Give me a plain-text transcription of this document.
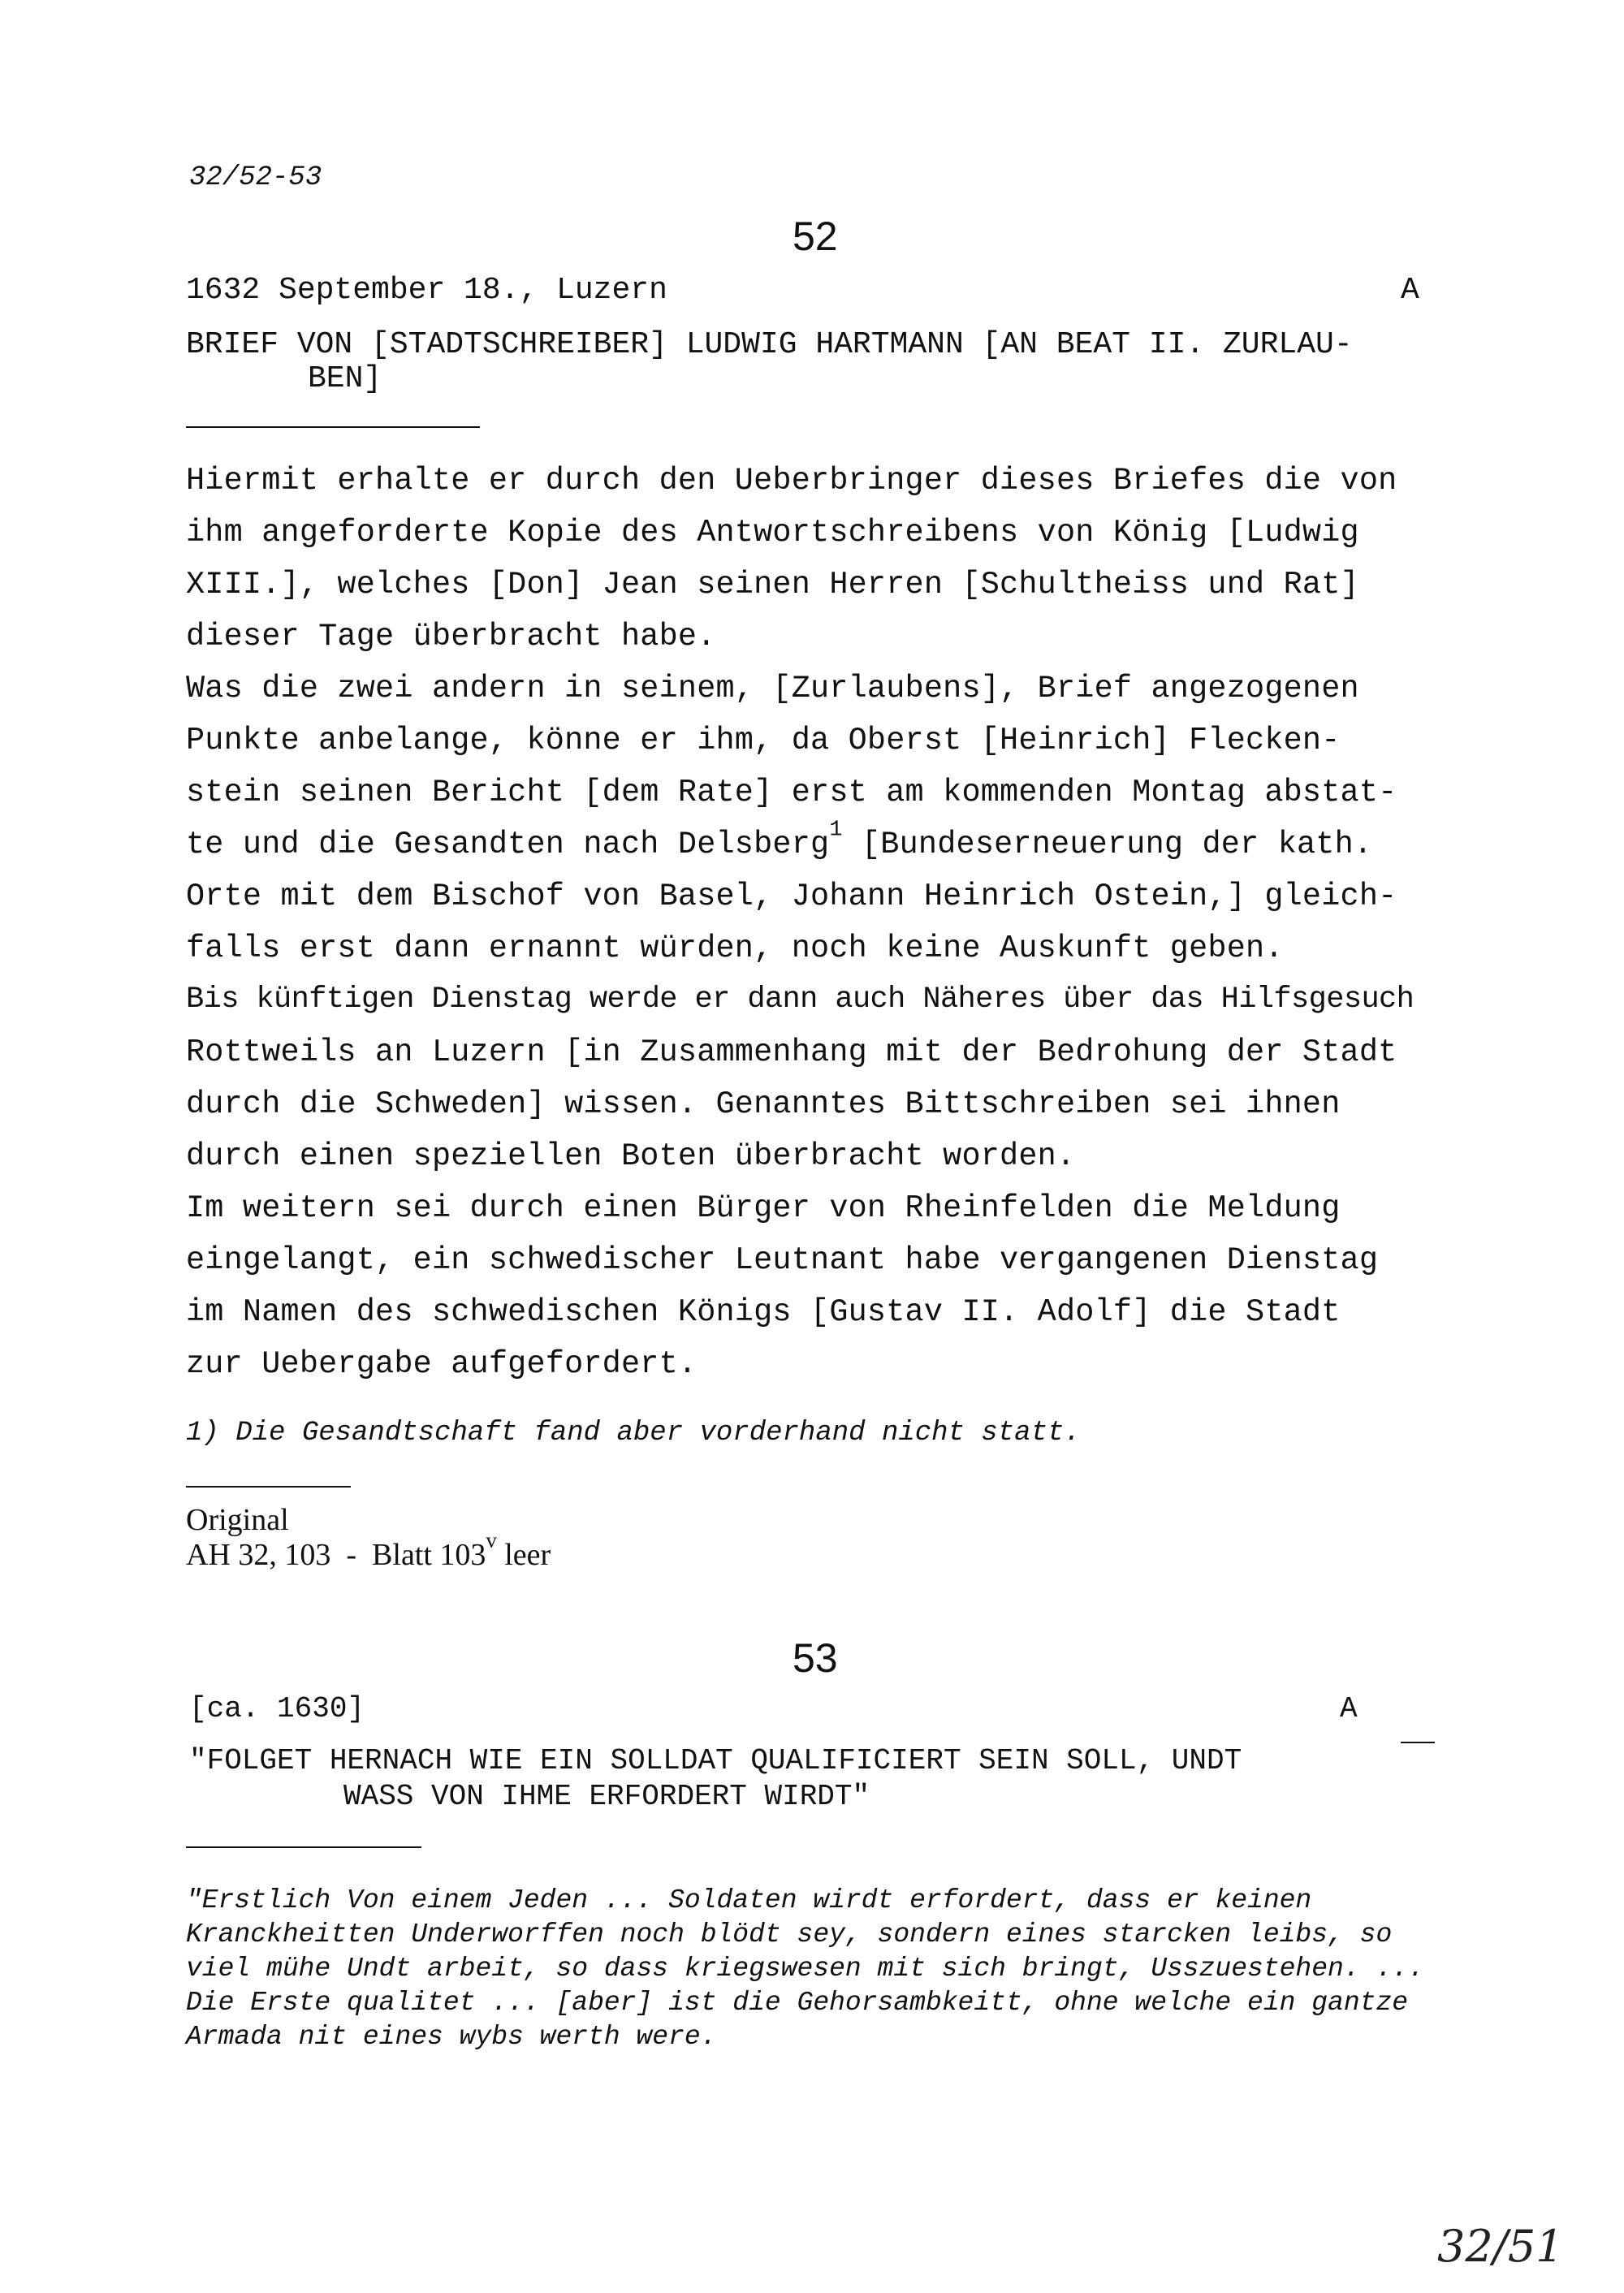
32/52-53
52
1632 September 18., Luzern	A
BRIEF VON [STADTSCHREIBER] LUDWIG HARTMANN [AN BEAT II. ZURLAU-
BEN]
Hiermit erhalte er durch den Ueberbringer dieses Briefes die von
ihm angeforderte Kopie des Antwortschreibens von König [Ludwig
XIII.], welches [Don] Jean seinen Herren [Schultheiss und Rat]
dieser Tage überbracht habe.
Was die zwei andern in seinem, [Zurlaubens], Brief angezogenen
Punkte anbelange, könne er ihm, da Oberst [Heinrich] Flecken-
stein seinen Bericht [dem Rate] erst am kommenden Montag abstat-
te und die Gesandten nach Delsberg$^1$ [Bundeserneuerung der kath.
Orte mit dem Bischof von Basel, Johann Heinrich Ostein,] gleich-
falls erst dann ernannt würden, noch keine Auskunft geben.
Bis künftigen Dienstag werde er dann auch Näheres über das Hilfsgesuch
Rottweils an Luzern [in Zusammenhang mit der Bedrohung der Stadt
durch die Schweden] wissen. Genanntes Bittschreiben sei ihnen
durch einen speziellen Boten überbracht worden.
Im weitern sei durch einen Bürger von Rheinfelden die Meldung
eingelangt, ein schwedischer Leutnant habe vergangenen Dienstag
im Namen des schwedischen Königs [Gustav II. Adolf] die Stadt
zur Uebergabe aufgefordert.
1) Die Gesandtschaft fand aber vorderhand nicht statt.
Original
AH 32, 103  -  Blatt 103$^v$ leer
53
[ca. 1630]	A
"FOLGET HERNACH WIE EIN SOLLDAT QUALIFICIERT SEIN SOLL, UNDT
WASS VON IHME ERFORDERT WIRDT"
"Erstlich Von einem Jeden ... Soldaten wirdt erfordert, dass er keinen
Kranckheitten Underworffen noch blödt sey, sondern eines starcken leibs, so
viel mühe Undt arbeit, so dass kriegswesen mit sich bringt, Usszuestehen. ...
Die Erste qualitet ... [aber] ist die Gehorsambkeitt, ohne welche ein gantze
Armada nit eines wybs werth were.
32/51
